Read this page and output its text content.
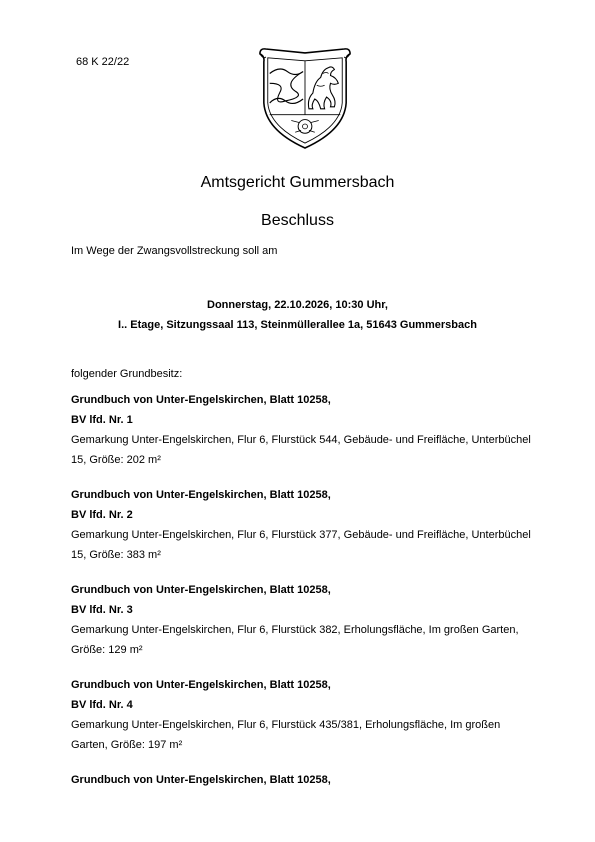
68 K 22/22
Amtsgericht Gummersbach
Beschluss
Im Wege der Zwangsvollstreckung soll am
Donnerstag, 22.10.2026, 10:30 Uhr,
I.. Etage, Sitzungssaal 113, Steinmüllerallee 1a, 51643 Gummersbach
folgender Grundbesitz:
Grundbuch von Unter-Engelskirchen, Blatt 10258,
BV lfd. Nr. 1
Gemarkung Unter-Engelskirchen, Flur 6, Flurstück 544, Gebäude- und Freifläche, Unterbüchel 15, Größe: 202 m²
Grundbuch von Unter-Engelskirchen, Blatt 10258,
BV lfd. Nr. 2
Gemarkung Unter-Engelskirchen, Flur 6, Flurstück 377, Gebäude- und Freifläche, Unterbüchel 15, Größe: 383 m²
Grundbuch von Unter-Engelskirchen, Blatt 10258,
BV lfd. Nr. 3
Gemarkung Unter-Engelskirchen, Flur 6, Flurstück 382, Erholungsfläche, Im großen Garten, Größe: 129 m²
Grundbuch von Unter-Engelskirchen, Blatt 10258,
BV lfd. Nr. 4
Gemarkung Unter-Engelskirchen, Flur 6, Flurstück 435/381, Erholungsfläche, Im großen Garten, Größe: 197 m²
Grundbuch von Unter-Engelskirchen, Blatt 10258,
